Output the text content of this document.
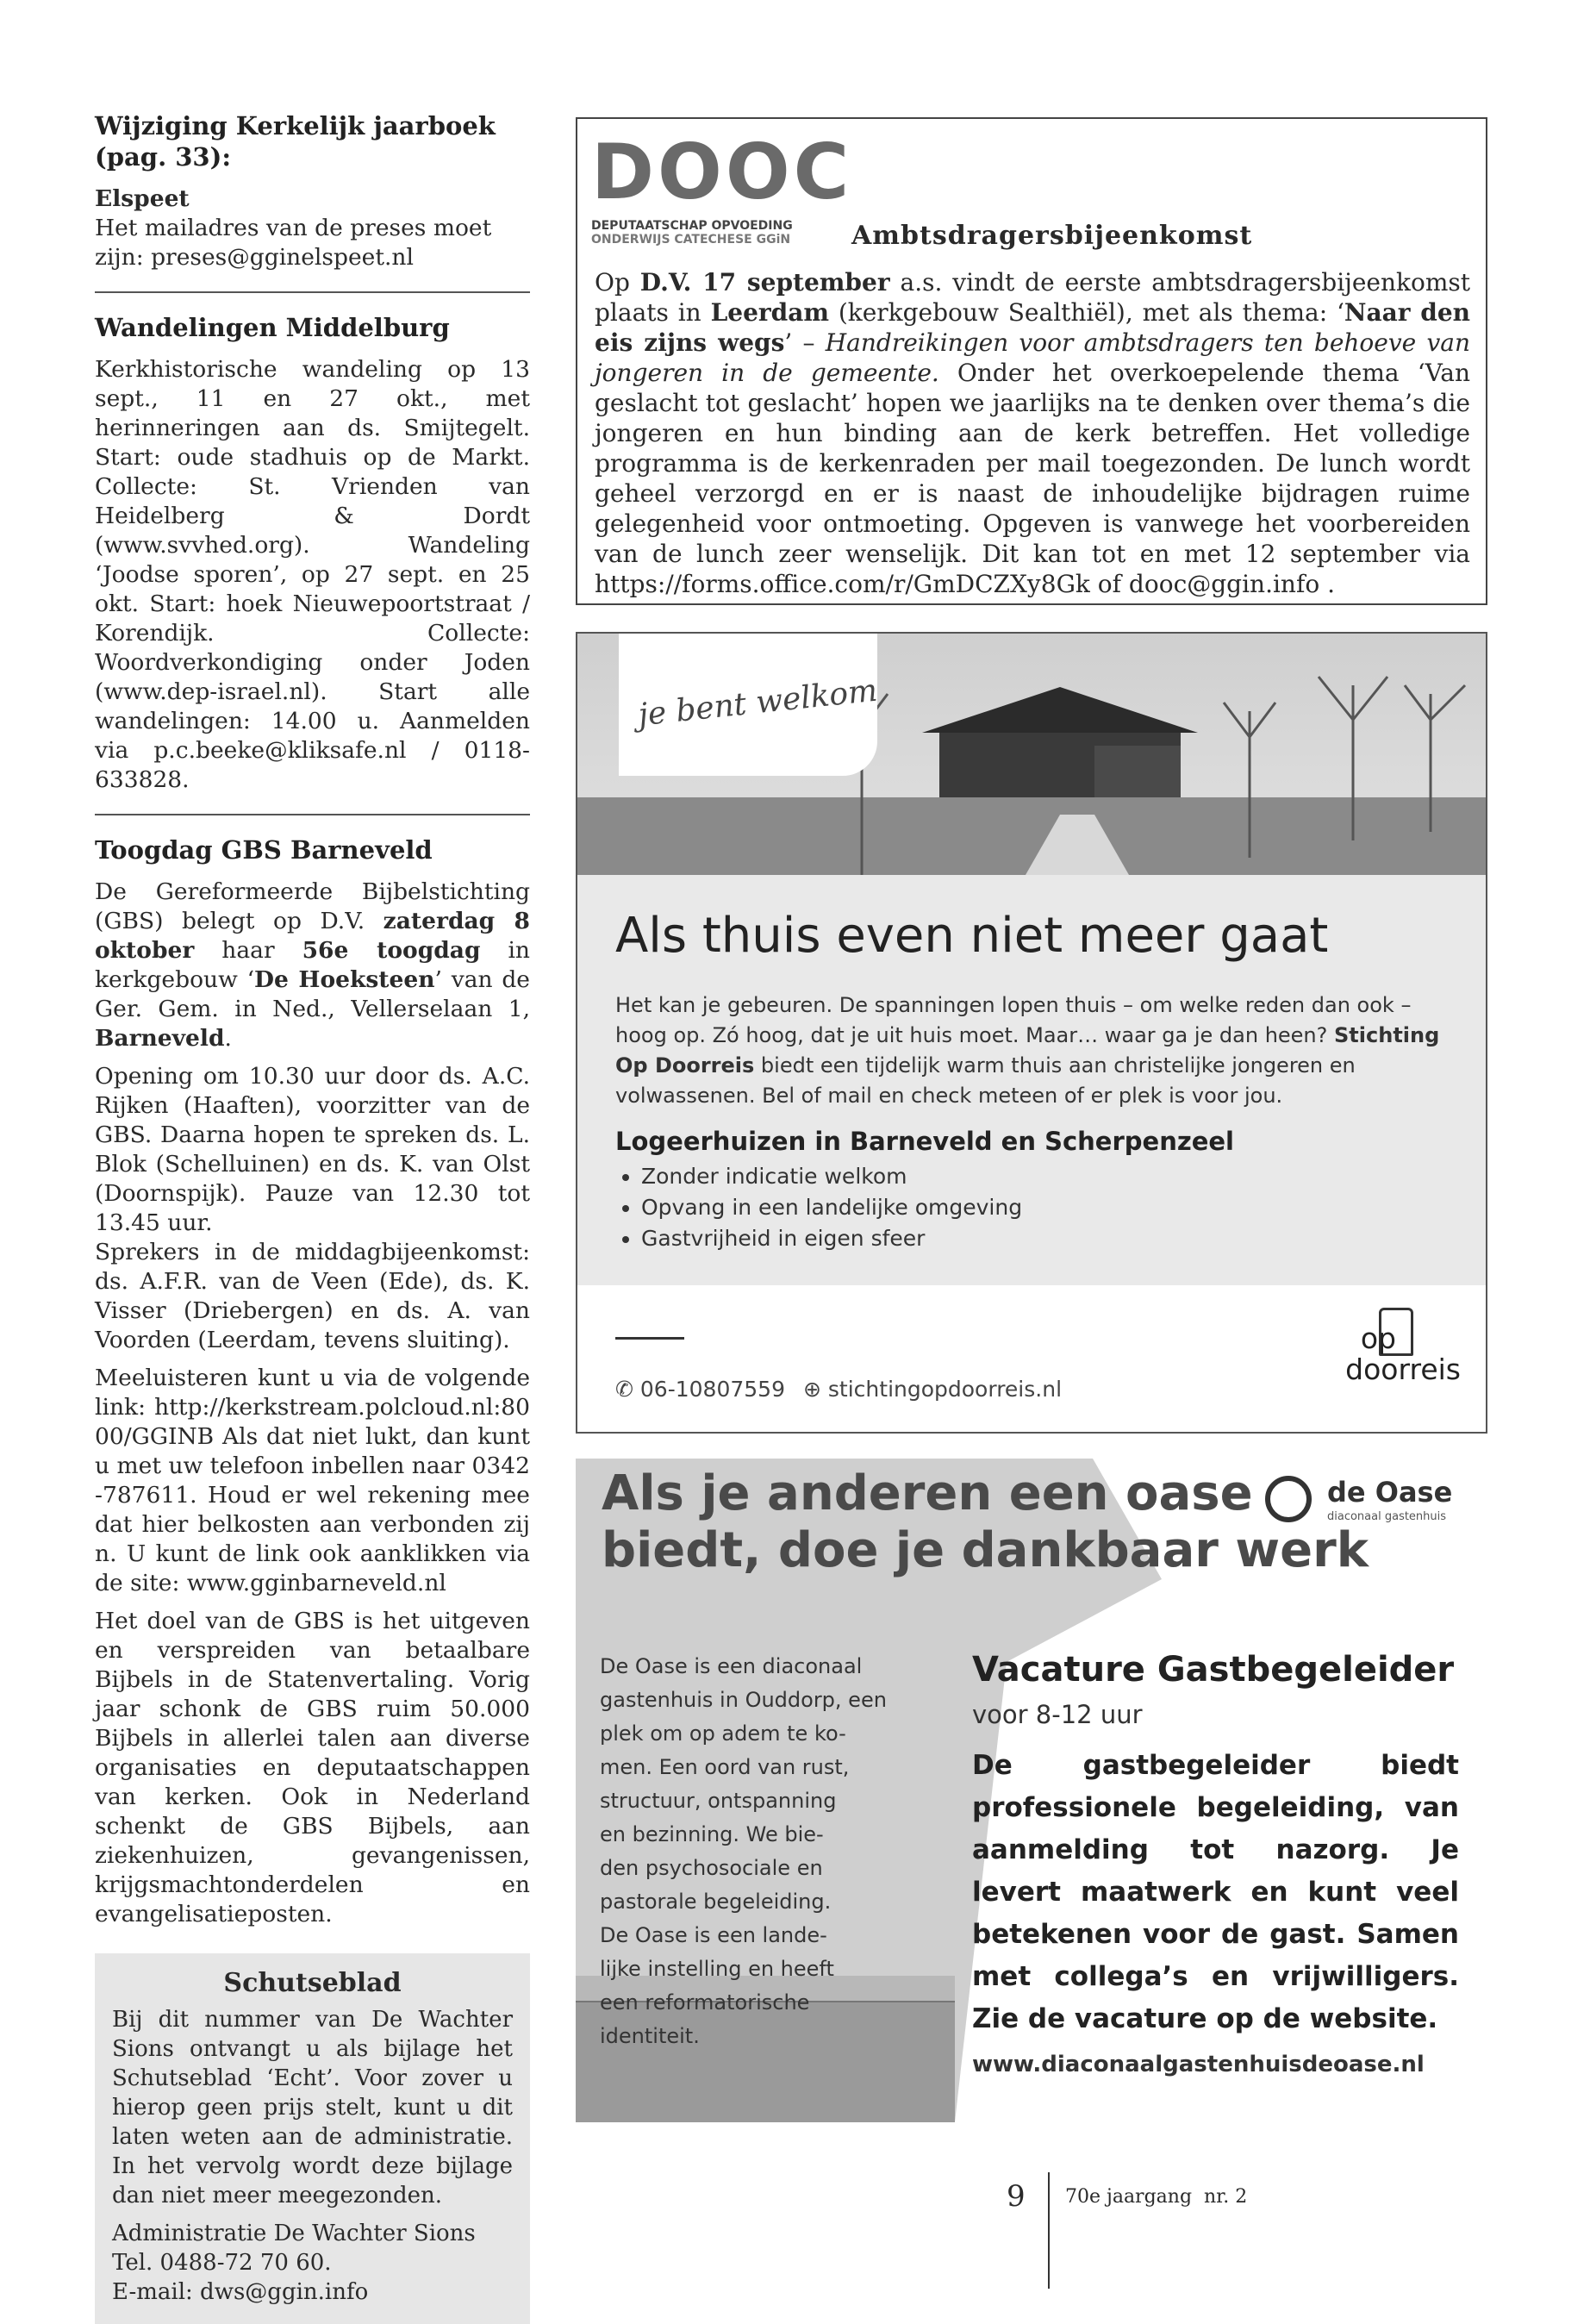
Wijziging Kerkelijk jaarboek (pag. 33):

Elspeet

Het mailadres van de preses moet zijn: preses@gginelspeet.nl

Wandelingen Middelburg

Kerkhistorische wandeling op 13 sept., 11 en 27 okt., met herinneringen aan ds. Smijtegelt. Start: oude stadhuis op de Markt. Collecte: St. Vrienden van Heidelberg & Dordt (www.svvhed.org). Wandeling ‘Joodse sporen’, op 27 sept. en 25 okt. Start: hoek Nieuwepoortstraat / Korendijk. Collecte: Woordverkondiging onder Joden (www.dep-israel.nl). Start alle wandelingen: 14.00 u. Aanmelden via p.c.beeke@kliksafe.nl / 0118-633828.

Toogdag GBS Barneveld

De Gereformeerde Bijbelstichting (GBS) belegt op D.V. zaterdag 8 oktober haar 56e toogdag in kerkgebouw ‘De Hoeksteen’ van de Ger. Gem. in Ned., Vellerselaan 1, Barneveld.

Opening om 10.30 uur door ds. A.C. Rijken (Haaften), voorzitter van de GBS. Daarna hopen te spreken ds. L. Blok (Schelluinen) en ds. K. van Olst (Doornspijk). Pauze van 12.30 tot 13.45 uur.

Sprekers in de middagbijeenkomst: ds. A.F.R. van de Veen (Ede), ds. K. Visser (Driebergen) en ds. A. van Voorden (Leerdam, tevens sluiting).

Meeluisteren kunt u via de volgende link: http://kerkstream.polcloud.nl:8000/GGINB Als dat niet lukt, dan kunt u met uw telefoon inbellen naar 0342-787611. Houd er wel rekening mee dat hier belkosten aan verbonden zijn. U kunt de link ook aanklikken via de site: www.gginbarneveld.nl

Het doel van de GBS is het uitgeven en verspreiden van betaalbare Bijbels in de Statenvertaling. Vorig jaar schonk de GBS ruim 50.000 Bijbels in allerlei talen aan diverse organisaties en deputaatschappen van kerken. Ook in Nederland schenkt de GBS Bijbels, aan ziekenhuizen, gevangenissen, krijgsmachtonderdelen en evangelisatieposten.

Schutseblad

Bij dit nummer van De Wachter Sions ontvangt u als bijlage het Schutseblad ‘Echt’. Voor zover u hierop geen prijs stelt, kunt u dit laten weten aan de administratie. In het vervolg wordt deze bijlage dan niet meer meegezonden.

Administratie De Wachter Sions

Tel. 0488-72 70 60.

E-mail: dws@ggin.info

DOOC
DEPUTAATSCHAP OPVOEDING
ONDERWIJS CATECHESE GGiN	Ambtsdragersbijeenkomst
Op D.V. 17 september a.s. vindt de eerste ambtsdragersbijeenkomst plaats in Leerdam (kerkgebouw Sealthiël), met als thema: ‘Naar den eis zijns wegs’ – Handreikingen voor ambtsdragers ten behoeve van jongeren in de gemeente. Onder het overkoepelende thema ‘Van geslacht tot geslacht’ hopen we jaarlijks na te denken over thema’s die jongeren en hun binding aan de kerk betreffen. Het volledige programma is de kerkenraden per mail toegezonden. De lunch wordt geheel verzorgd en er is naast de inhoudelijke bijdragen ruime gelegenheid voor ontmoeting. Opgeven is vanwege het voorbereiden van de lunch zeer wenselijk. Dit kan tot en met 12 september via https://forms.office.com/r/GmDCZXy8Gk of dooc@ggin.info .
je bent welkom
Als thuis even niet meer gaat
Het kan je gebeuren. De spanningen lopen thuis – om welke reden dan ook – hoog op. Zó hoog, dat je uit huis moet. Maar… waar ga je dan heen? Stichting Op Doorreis biedt een tijdelijk warm thuis aan christelijke jongeren en volwassenen. Bel of mail en check meteen of er plek is voor jou.
Logeerhuizen in Barneveld en Scherpenzeel
• Zonder indicatie welkom
• Opvang in een landelijke omgeving
• Gastvrijheid in eigen sfeer
✆ 06-10807559 ⊕ stichtingopdoorreis.nl
op
doorreis
Als je anderen een oase
biedt, doe je dankbaar werk
de Oase
diaconaal gastenhuis
De Oase is een diaconaal
gastenhuis in Ouddorp, een
plek om op adem te ko-
men. Een oord van rust,
structuur, ontspanning
en bezinning. We bie-
den psychosociale en
pastorale begeleiding.
De Oase is een lande-
lijke instelling en heeft
een reformatorische
identiteit.
Vacature Gastbegeleider
voor 8-12 uur
De gastbegeleider biedt professionele begeleiding, van aanmelding tot nazorg. Je levert maatwerk en kunt veel betekenen voor de gast. Samen met collega’s en vrijwilligers. Zie de vacature op de website.
www.diaconaalgastenhuisdeoase.nl
9 70e jaargang  nr. 2
